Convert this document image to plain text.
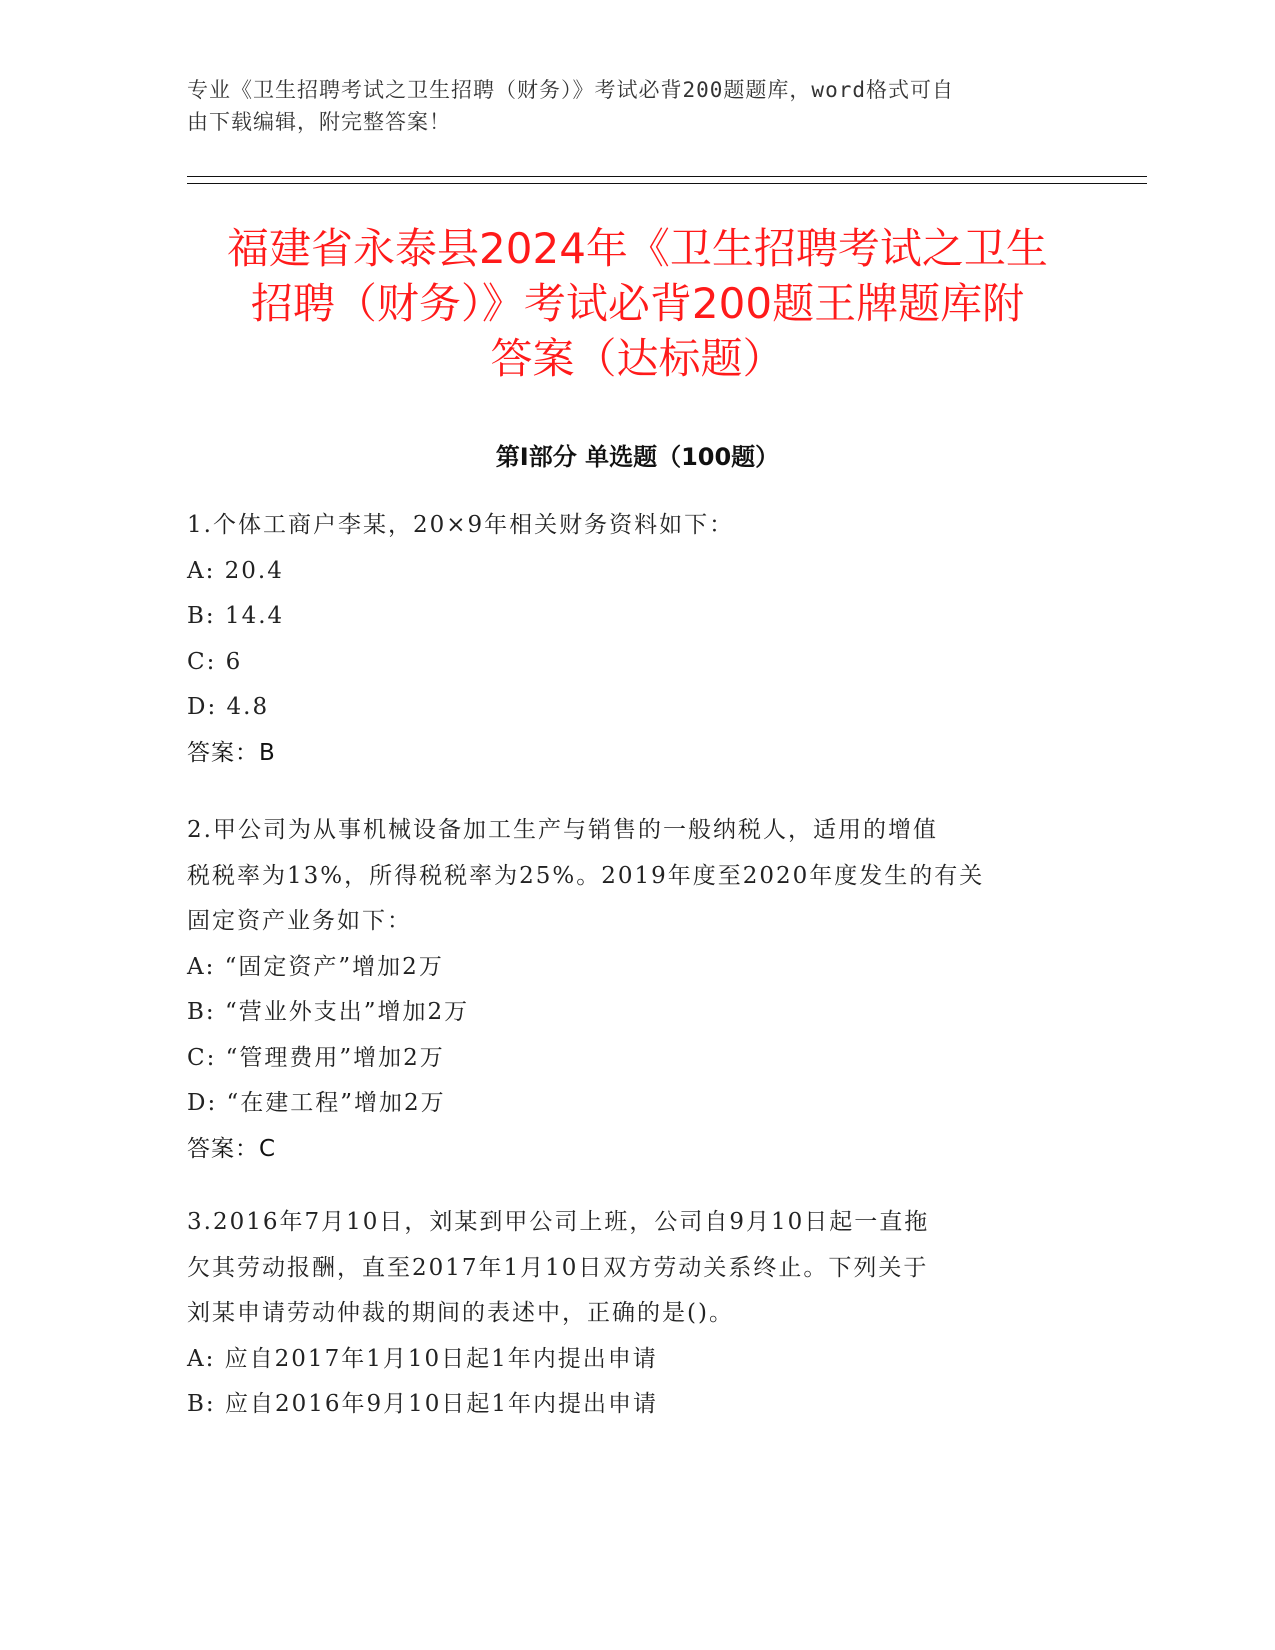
专业《卫生招聘考试之卫生招聘（财务）》考试必背200题题库，word格式可自
由下载编辑，附完整答案！
福建省永泰县2024年《卫生招聘考试之卫生
招聘（财务）》考试必背200题王牌题库附
答案（达标题）
第I部分 单选题（100题）
1.个体工商户李某，20×9年相关财务资料如下：
A: 20.4
B: 14.4
C: 6
D: 4.8
答案：B
2.甲公司为从事机械设备加工生产与销售的一般纳税人，适用的增值
税税率为13%，所得税税率为25%。2019年度至2020年度发生的有关
固定资产业务如下：
A: “固定资产”增加2万
B: “营业外支出”增加2万
C: “管理费用”增加2万
D: “在建工程”增加2万
答案：C
3.2016年7月10日，刘某到甲公司上班，公司自9月10日起一直拖
欠其劳动报酬，直至2017年1月10日双方劳动关系终止。下列关于
刘某申请劳动仲裁的期间的表述中，正确的是()。
A: 应自2017年1月10日起1年内提出申请
B: 应自2016年9月10日起1年内提出申请
